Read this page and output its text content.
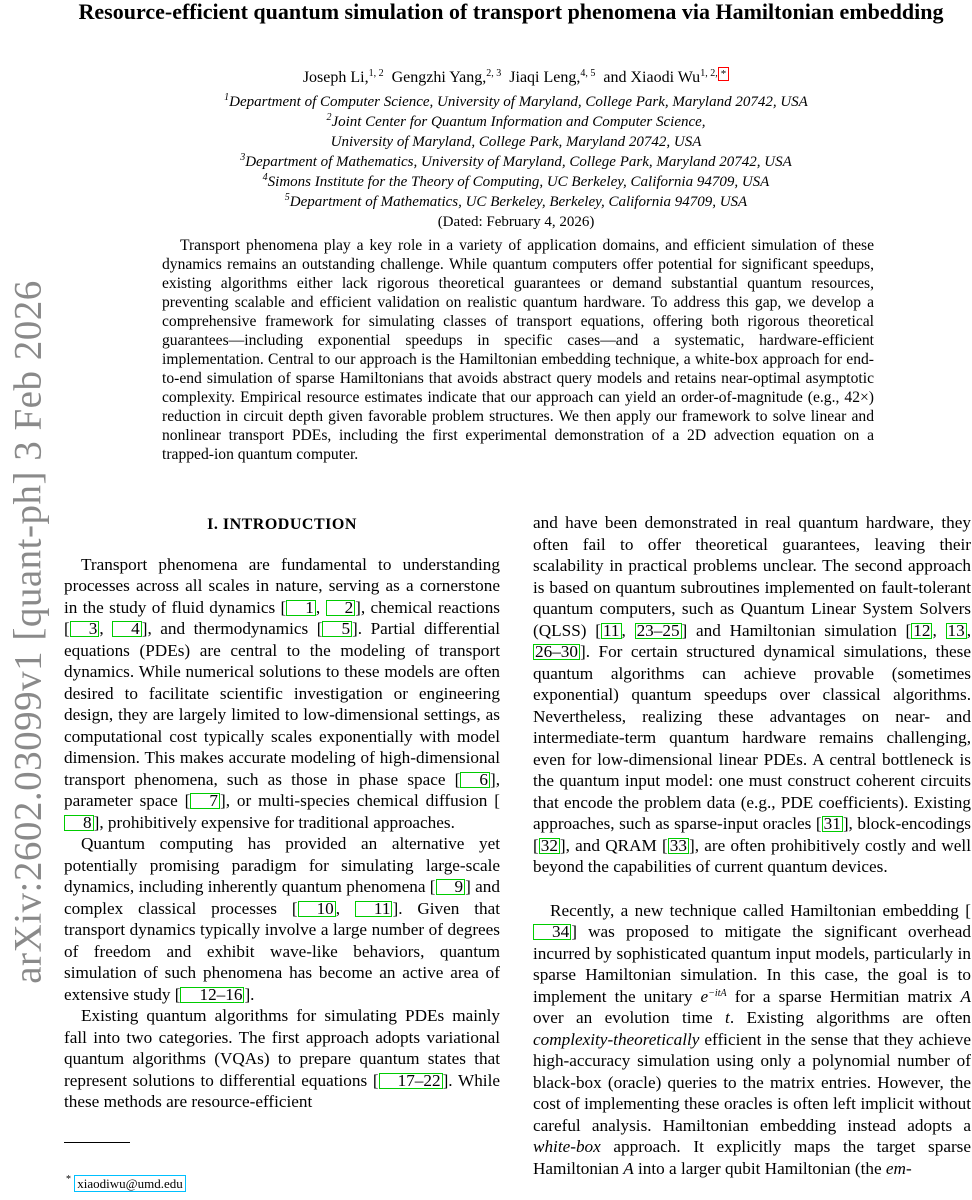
arXiv:2602.03099v1 [quant-ph] 3 Feb 2026
Resource-efficient quantum simulation of transport phenomena via Hamiltonian embedding
Joseph Li,$^{1, 2}$ Gengzhi Yang,$^{2, 3}$ Jiaqi Leng,$^{4, 5}$ and Xiaodi $Wu^{1, 2,}$ *
$^1$Department of Computer Science, University of Maryland, College Park, Maryland 20742, USA
$^2$Joint Center for Quantum Information and Computer Science,
University of Maryland, College Park, Maryland 20742, USA
$^3$Department of Mathematics, University of Maryland, College Park, Maryland 20742, USA
$^4$Simons Institute for the Theory of Computing, UC Berkeley, California 94709, USA
$^5$Department of Mathematics, UC Berkeley, Berkeley, California 94709, USA
(Dated: February 4, 2026)

Transport phenomena play a key role in a variety of application domains, and efficient simulation of these dynamics remains an outstanding challenge. While quantum computers offer potential for significant speedups, existing algorithms either lack rigorous theoretical guarantees or demand substantial quantum resources, preventing scalable and efficient validation on realistic quantum hardware. To address this gap, we develop a comprehensive framework for simulating classes of transport equations, offering both rigorous theoretical guarantees—including exponential speedups in specific cases—and a systematic, hardware-efficient implementation. Central to our approach is the Hamiltonian embedding technique, a white-box approach for end-to-end simulation of sparse Hamiltonians that avoids abstract query models and retains near-optimal asymptotic complexity. Empirical resource estimates indicate that our approach can yield an order-of-magnitude (e.g., 42×) reduction in circuit depth given favorable problem structures. We then apply our framework to solve linear and nonlinear transport PDEs, including the first experimental demonstration of a 2D advection equation on a trapped-ion quantum computer.

I. INTRODUCTION

Transport phenomena are fundamental to understanding processes across all scales in nature, serving as a cornerstone in the study of fluid dynamics [ 1 , 2 ], chemical reactions [ 3 , 4 ], and thermodynamics [ 5 ]. Partial differential equations (PDEs) are central to the modeling of transport dynamics. While numerical solutions to these models are often desired to facilitate scientific investigation or engineering design, they are largely limited to low-dimensional settings, as computational cost typically scales exponentially with model dimension. This makes accurate modeling of high-dimensional transport phenomena, such as those in phase space [ 6 ], parameter space [ 7 ], or multi-species chemical diffusion [8 ], prohibitively expensive for traditional approaches.

Quantum computing has provided an alternative yet potentially promising paradigm for simulating large-scale dynamics, including inherently quantum phenomena [ 9 ] and complex classical processes [ 10 , 11 ]. Given that transport dynamics typically involve a large number of degrees of freedom and exhibit wave-like behaviors, quantum simulation of such phenomena has become an active area of extensive study [ 12–16 ].

Existing quantum algorithms for simulating PDEs mainly fall into two categories. The first approach adopts variational quantum algorithms (VQAs) to prepare quantum states that represent solutions to differential equations [ 17–22 ]. While these methods are resource-efficient

and have been demonstrated in real quantum hardware, they often fail to offer theoretical guarantees, leaving their scalability in practical problems unclear. The second approach is based on quantum subroutines implemented on fault-tolerant quantum computers, such as Quantum Linear System Solvers (QLSS) [ 11 , 23–25 ] and Hamiltonian simulation [ 12 , 13 , 26–30 ]. For certain structured dynamical simulations, these quantum algorithms can achieve provable (sometimes exponential) quantum speedups over classical algorithms. Nevertheless, realizing these advantages on near- and intermediate-term quantum hardware remains challenging, even for low-dimensional linear PDEs. A central bottleneck is the quantum input model: one must construct coherent circuits that encode the problem data (e.g., PDE coefficients). Existing approaches, such as sparse-input oracles [ 31 ], block-encodings [ 32 ], and QRAM [ 33 ], are often prohibitively costly and well beyond the capabilities of current quantum devices.

Recently, a new technique called Hamiltonian embedding [34 ] was proposed to mitigate the significant overhead incurred by sophisticated quantum input models, particularly in sparse Hamiltonian simulation. In this case, the goal is to implement the unitary $e^{-itA}$ for a sparse Hermitian matrix A over an evolution time t. Existing algorithms are often complexity-theoretically efficient in the sense that they achieve high-accuracy simulation using only a polynomial number of black-box (oracle) queries to the matrix entries. However, the cost of implementing these oracles is often left implicit without careful analysis. Hamiltonian embedding instead adopts a white-box approach. It explicitly maps the target sparse Hamiltonian A into a larger qubit Hamiltonian (the em-

* xiaodiwu@umd.edu
